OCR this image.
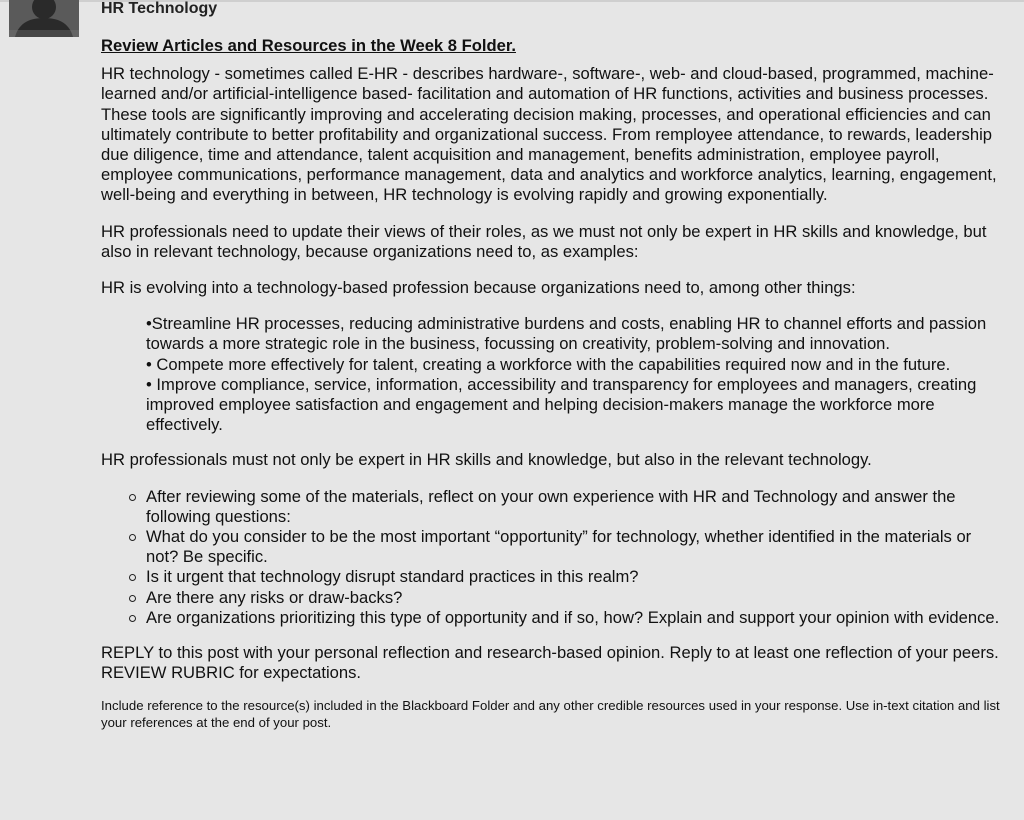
HR Technology
Review Articles and Resources in the Week 8 Folder.

HR technology - sometimes called E-HR - describes hardware-, software-, web- and cloud-based, programmed, machine-learned and/or artificial-intelligence based- facilitation and automation of HR functions, activities and business processes. These tools are significantly improving and accelerating decision making, processes, and operational efficiencies and can ultimately contribute to better profitability and organizational success. From remployee attendance, to rewards, leadership due diligence, time and attendance, talent acquisition and management, benefits administration, employee payroll, employee communications, performance management, data and analytics and workforce analytics, learning, engagement, well-being and everything in between, HR technology is evolving rapidly and growing exponentially.

HR professionals need to update their views of their roles, as we must not only be expert in HR skills and knowledge, but also in relevant technology, because organizations need to, as examples:

HR is evolving into a technology-based profession because organizations need to, among other things:

•Streamline HR processes, reducing administrative burdens and costs, enabling HR to channel efforts and passion towards a more strategic role in the business, focussing on creativity, problem-solving and innovation.
• Compete more effectively for talent, creating a workforce with the capabilities required now and in the future.
• Improve compliance, service, information, accessibility and transparency for employees and managers, creating improved employee satisfaction and engagement and helping decision-makers manage the workforce more effectively.

HR professionals must not only be expert in HR skills and knowledge, but also in the relevant technology.

After reviewing some of the materials, reflect on your own experience with HR and Technology and answer the following questions:
What do you consider to be the most important “opportunity” for technology, whether identified in the materials or not? Be specific.
Is it urgent that technology disrupt standard practices in this realm?
Are there any risks or draw-backs?
Are organizations prioritizing this type of opportunity and if so, how? Explain and support your opinion with evidence.

REPLY to this post with your personal reflection and research-based opinion. Reply to at least one reflection of your peers. REVIEW RUBRIC for expectations.

Include reference to the resource(s) included in the Blackboard Folder and any other credible resources used in your response. Use in-text citation and list your references at the end of your post.
